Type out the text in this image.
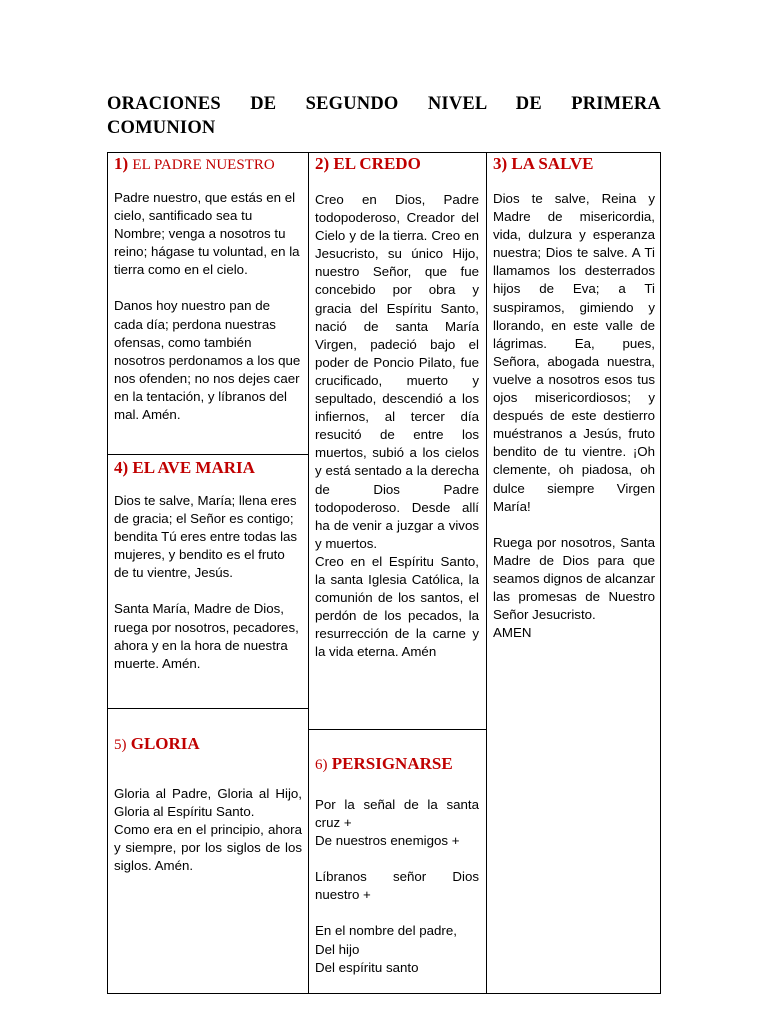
ORACIONES DE SEGUNDO NIVEL DE PRIMERA
COMUNION
1) EL PADRE NUESTRO

Padre nuestro, que estás en el cielo, santificado sea tu Nombre; venga a nosotros tu reino; hágase tu voluntad, en la tierra como en el cielo.

Danos hoy nuestro pan de cada día; perdona nuestras ofensas, como también nosotros perdonamos a los que nos ofenden; no nos dejes caer en la tentación, y líbranos del mal. Amén.

4) EL AVE MARIA

Dios te salve, María; llena eres de gracia; el Señor es contigo; bendita Tú eres entre todas las mujeres, y bendito es el fruto de tu vientre, Jesús.

Santa María, Madre de Dios, ruega por nosotros, pecadores, ahora y en la hora de nuestra muerte. Amén.

5) GLORIA
Gloria al Padre, Gloria al Hijo, Gloria al Espíritu Santo.
Como era en el principio, ahora y siempre, por los siglos de los siglos. Amén.
2) EL CREDO
Creo en Dios, Padre todopoderoso, Creador del Cielo y de la tierra. Creo en Jesucristo, su único Hijo, nuestro Señor, que fue concebido por obra y gracia del Espíritu Santo, nació de santa María Virgen, padeció bajo el poder de Poncio Pilato, fue crucificado, muerto y sepultado, descendió a los infiernos, al tercer día resucitó de entre los muertos, subió a los cielos y está sentado a la derecha de Dios Padre todopoderoso. Desde allí ha de venir a juzgar a vivos y muertos.
Creo en el Espíritu Santo, la santa Iglesia Católica, la comunión de los santos, el perdón de los pecados, la resurrección de la carne y la vida eterna. Amén
6) PERSIGNARSE
Por la señal de la santa cruz +
De nuestros enemigos +
Líbranos señor Dios nuestro +
En el nombre del padre,
Del hijo
Del espíritu santo
3) LA SALVE

Dios te salve, Reina y Madre de misericordia, vida, dulzura y esperanza nuestra; Dios te salve. A Ti llamamos los desterrados hijos de Eva; a Ti suspiramos, gimiendo y llorando, en este valle de lágrimas. Ea, pues, Señora, abogada nuestra, vuelve a nosotros esos tus ojos misericordiosos; y después de este destierro muéstranos a Jesús, fruto bendito de tu vientre. ¡Oh clemente, oh piadosa, oh dulce siempre Virgen María!

Ruega por nosotros, Santa Madre de Dios para que seamos dignos de alcanzar las promesas de Nuestro Señor Jesucristo.
AMEN
